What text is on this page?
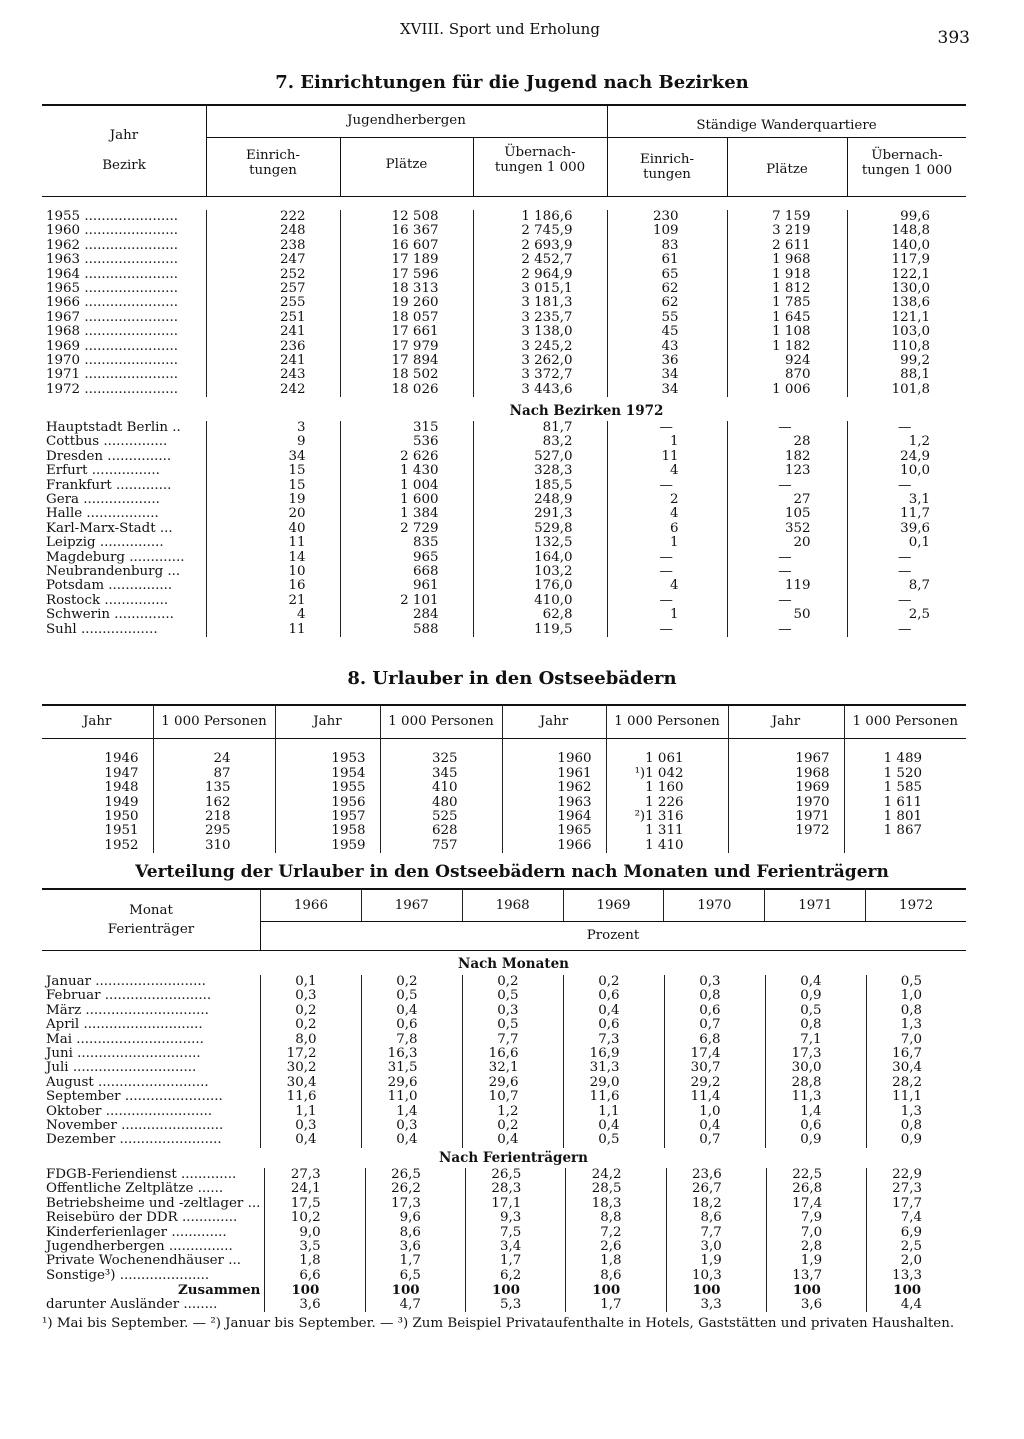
XVIII. Sport und Erholung	393
7. Einrichtungen für die Jugend nach Bezirken
Jahr
Bezirk
Jugendherbergen	Ständige Wanderquartiere
Einrich-tungen	Plätze
Übernach-tungen 1 000
Einrich-tungen	Plätze
Übernach-tungen 1 000
1955 ......................	222	12 508	1 186,6	230	7 159	99,6
1960 ......................	248	16 367	2 745,9	109	3 219	148,8
1962 ......................	238	16 607	2 693,9	83	2 611	140,0
1963 ......................	247	17 189	2 452,7	61	1 968	117,9
1964 ......................	252	17 596	2 964,9	65	1 918	122,1
1965 ......................	257	18 313	3 015,1	62	1 812	130,0
1966 ......................	255	19 260	3 181,3	62	1 785	138,6
1967 ......................	251	18 057	3 235,7	55	1 645	121,1
1968 ......................	241	17 661	3 138,0	45	1 108	103,0
1969 ......................	236	17 979	3 245,2	43	1 182	110,8
1970 ......................	241	17 894	3 262,0	36	924	99,2
1971 ......................	243	18 502	3 372,7	34	870	88,1
1972 ......................	242	18 026	3 443,6	34	1 006	101,8
Nach Bezirken 1972
Hauptstadt Berlin ..	3	315	81,7	—	—	—
Cottbus ...............	9	536	83,2	1	28	1,2
Dresden ...............	34	2 626	527,0	11	182	24,9
Erfurt ................	15	1 430	328,3	4	123	10,0
Frankfurt .............	15	1 004	185,5	—	—	—
Gera ..................	19	1 600	248,9	2	27	3,1
Halle .................	20	1 384	291,3	4	105	11,7
Karl-Marx-Stadt ...	40	2 729	529,8	6	352	39,6
Leipzig ...............	11	835	132,5	1	20	0,1
Magdeburg .............	14	965	164,0	—	—	—
Neubrandenburg ...	10	668	103,2	—	—	—
Potsdam ...............	16	961	176,0	4	119	8,7
Rostock ...............	21	2 101	410,0	—	—	—
Schwerin ..............	4	284	62,8	1	50	2,5
Suhl ..................	11	588	119,5	—	—	—
8. Urlauber in den Ostseebädern
Jahr	1 000 Personen	Jahr	1 000 Personen	Jahr	1 000 Personen	Jahr	1 000 Personen

1946	24	1953	325	1960	1 061	1967	1 489
1947	87	1954	345	1961	¹)1 042	1968	1 520
1948	135	1955	410	1962	1 160	1969	1 585
1949	162	1956	480	1963	1 226	1970	1 611
1950	218	1957	525	1964	²)1 316	1971	1 801
1951	295	1958	628	1965	1 311	1972	1 867
1952	310	1959	757	1966	1 410		
Verteilung der Urlauber in den Ostseebädern nach Monaten und Ferienträgern
Monat
Ferienträger
1966	1967	1968	1969	1970	1971	1972
Prozent
Nach Monaten
Januar ..........................	0,1	0,2	0,2	0,2	0,3	0,4	0,5
Februar .........................	0,3	0,5	0,5	0,6	0,8	0,9	1,0
März .............................	0,2	0,4	0,3	0,4	0,6	0,5	0,8
April ............................	0,2	0,6	0,5	0,6	0,7	0,8	1,3
Mai ..............................	8,0	7,8	7,7	7,3	6,8	7,1	7,0
Juni .............................	17,2	16,3	16,6	16,9	17,4	17,3	16,7
Juli .............................	30,2	31,5	32,1	31,3	30,7	30,0	30,4
August ..........................	30,4	29,6	29,6	29,0	29,2	28,8	28,2
September .......................	11,6	11,0	10,7	11,6	11,4	11,3	11,1
Oktober .........................	1,1	1,4	1,2	1,1	1,0	1,4	1,3
November ........................	0,3	0,3	0,2	0,4	0,4	0,6	0,8
Dezember ........................	0,4	0,4	0,4	0,5	0,7	0,9	0,9
Nach Ferienträgern
FDGB-Feriendienst .............	27,3	26,5	26,5	24,2	23,6	22,5	22,9
Öffentliche Zeltplätze ......	24,1	26,2	28,3	28,5	26,7	26,8	27,3
Betriebsheime und -zeltlager ...	17,5	17,3	17,1	18,3	18,2	17,4	17,7
Reisebüro der DDR .............	10,2	9,6	9,3	8,8	8,6	7,9	7,4
Kinderferienlager .............	9,0	8,6	7,5	7,2	7,7	7,0	6,9
Jugendherbergen ...............	3,5	3,6	3,4	2,6	3,0	2,8	2,5
Private Wochenendhäuser ...	1,8	1,7	1,7	1,8	1,9	1,9	2,0
Sonstige³) .....................	6,6	6,5	6,2	8,6	10,3	13,7	13,3
Zusammen	100	100	100	100	100	100	100
darunter Ausländer ........	3,6	4,7	5,3	1,7	3,3	3,6	4,4
¹) Mai bis September. — ²) Januar bis September. — ³) Zum Beispiel Privataufenthalte in Hotels, Gaststätten und privaten Haushalten.
